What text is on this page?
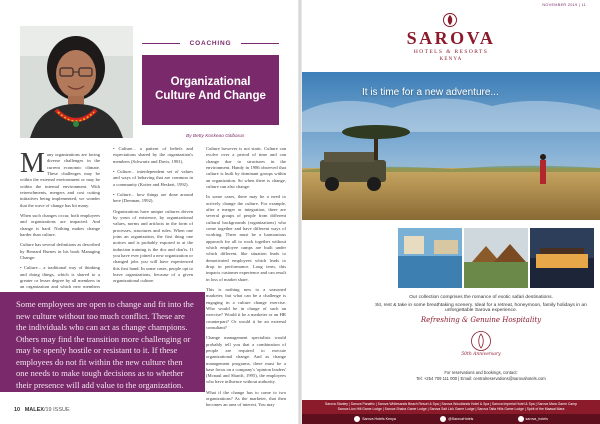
COACHING
Organizational Culture And Change
By Betty Koskeao Gitibarus

M any organizations are facing diverse challenges in the current economic climate. These challenges may be within the external environment or may be within the internal environment. With retrenchments, mergers and cost cutting initiatives being implemented, we wonder that the wave of change has hit many.

When such changes occur, both employees and organizations are impacted. And change is hard. Nothing makes change harder than culture.

Culture has several definitions as described by Bernard Burnes in his book Managing Change:

• Culture... a traditional way of thinking and doing things, which is shared to a greater or lesser degree by all members in an organization and which new members

• Culture... a pattern of beliefs and expectations shared by the organization's members (Schwartz and Davis, 1981).

• Culture... interdependent set of values and ways of behaving that are common in a community (Kotter and Heskett, 1992).

• Culture... how things are done around here (Drennan, 1992).

Organizations have unique cultures driven by years of existence, by organizational values, norms and artifacts in the form of processes, structures and rules. When one joins an organization, the first thing one notices and is probably exposed to at the induction training is the dos and don'ts. If you have ever joined a new organization or changed jobs you will have experienced this first hand. In some cases, people opt to leave organizations, because of a given organizational culture.

Culture however is not static. Culture can evolve over a period of time and can change due to structures in the environment. Handy in 1986 observed that culture is built by dominant groups within an organization. So when there is change, culture can also change.

In some cases, there may be a need to actively change the culture. For example, after a merger or integration, there are several groups of people from different cultural backgrounds (organizations) who come together and have different ways of working. There must be a harmonious approach for all to work together without which employee camps are built under which different, like situation leads to demotivated employees which leads to drop in performance. Long term, this impacts customer experience and can result in loss of market share.

This is nothing new to a seasoned marketer, but what can be a challenge is engaging in a culture change exercise. Who would be in charge of such an exercise? Would it be a marketer or an HR counterpart? Or would it be an external consultant?

Change management specialists would probably tell you that a combination of people are required to execute organizational change. And as change management programs, there must be a base focus on a company's 'opinion leaders' (Mcnaul and Sharifi, 1995), the employees who have influence without authority.

What if the change has to come to two organizations? As the marketer, that then becomes an area of interest. You may

Some employees are open to change and fit into the new culture without too much conflict. These are the individuals who can act as change champions. Others may find the transition more challenging or may be openly hostile or resistant to it. If these employees do not fit within the new culture then one needs to make tough decisions as to whether their presence will add value to the organization.
10 MALEX/19 ISSUE
NOVEMBER 2019 | 11
SAROVA
HOTELS & RESORTS
KENYA
It is time for a new adventure...
Our collection comprises the romance of exotic safari destinations.
Sit, rest & take in some breathtaking scenery. Ideal for a retreat, honeymoon, family holidays in an unforgettable Sarova experience.
Refreshing & Genuine Hospitality
50th Anniversary
For reservations and bookings, contact:
Tel: +254 709 111 000 | Email: centralreservations@sarovahotels.com
Sarova Stanley | Sarova Panafric | Sarova Whitesands Beach Resort & Spa | Sarova Woodlands Hotel & Spa | Sarova Imperial Hotel & Spa | Sarova Mara Game Camp
Sarova Lion Hill Game Lodge | Sarova Shaba Game Lodge | Sarova Salt Lick Game Lodge | Sarova Taita Hills Game Lodge | Spirit of the Maasai Mara
Sarova Hotels Kenya	@SarovaHotels	sarova_hotels
